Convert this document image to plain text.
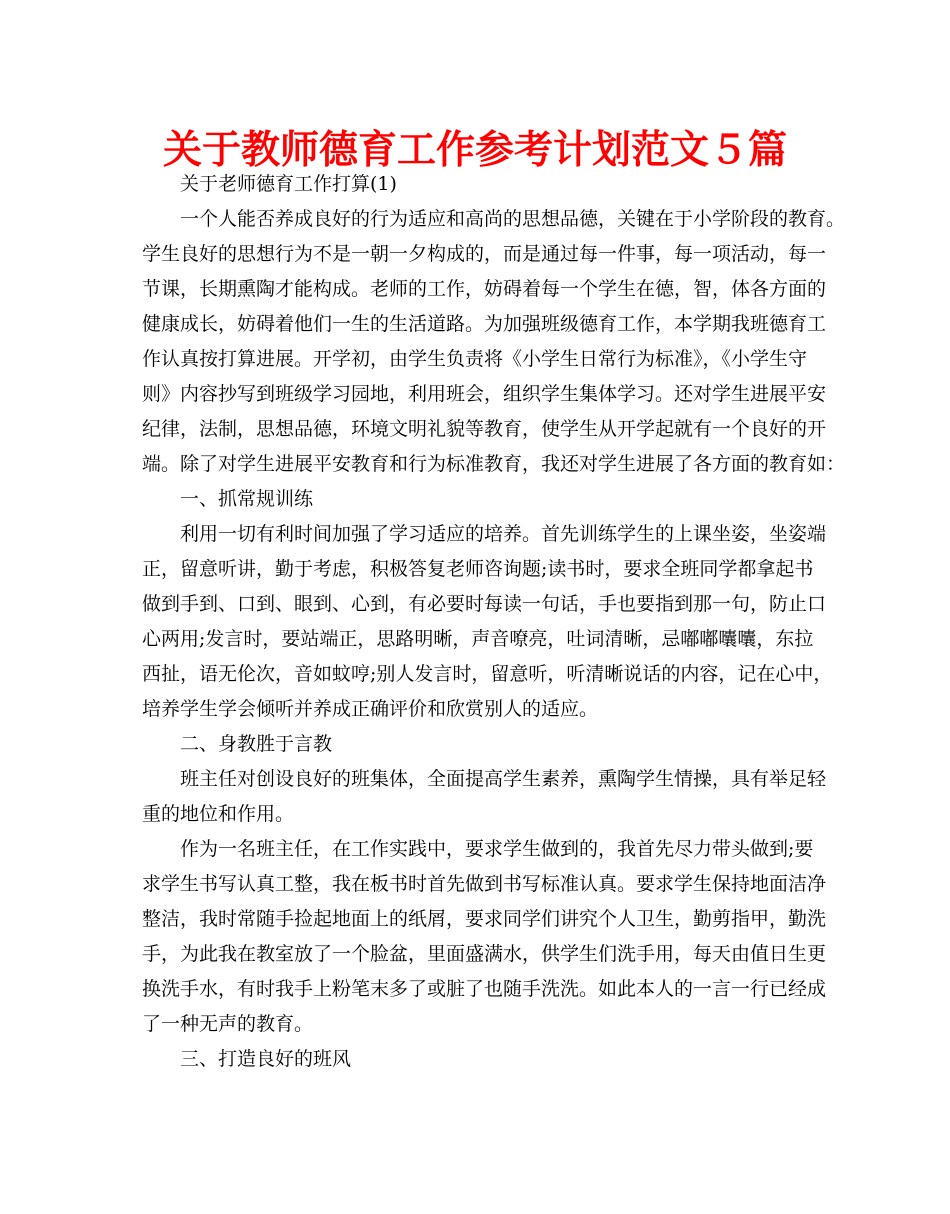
关于教师德育工作参考计划范文５篇

关于老师德育工作打算(1)

一个人能否养成良好的行为适应和高尚的思想品德，关键在于小学阶段的教育。

学生良好的思想行为不是一朝一夕构成的，而是通过每一件事，每一项活动，每一

节课，长期熏陶才能构成。老师的工作，妨碍着每一个学生在德，智，体各方面的

健康成长，妨碍着他们一生的生活道路。为加强班级德育工作，本学期我班德育工

作认真按打算进展。开学初，由学生负责将《小学生日常行为标准》，《小学生守

则》内容抄写到班级学习园地，利用班会，组织学生集体学习。还对学生进展平安

纪律，法制，思想品德，环境文明礼貌等教育，使学生从开学起就有一个良好的开

端。除了对学生进展平安教育和行为标准教育，我还对学生进展了各方面的教育如：

一、抓常规训练

利用一切有利时间加强了学习适应的培养。首先训练学生的上课坐姿，坐姿端

正，留意听讲，勤于考虑，积极答复老师咨询题;读书时，要求全班同学都拿起书

做到手到、口到、眼到、心到，有必要时每读一句话，手也要指到那一句，防止口

心两用;发言时，要站端正，思路明晰，声音嘹亮，吐词清晰，忌嘟嘟囔囔，东拉

西扯，语无伦次，音如蚊哼;别人发言时，留意听，听清晰说话的内容，记在心中，

培养学生学会倾听并养成正确评价和欣赏别人的适应。

二、身教胜于言教

班主任对创设良好的班集体，全面提高学生素养，熏陶学生情操，具有举足轻

重的地位和作用。

作为一名班主任，在工作实践中，要求学生做到的，我首先尽力带头做到;要

求学生书写认真工整，我在板书时首先做到书写标准认真。要求学生保持地面洁净

整洁，我时常随手捡起地面上的纸屑，要求同学们讲究个人卫生，勤剪指甲，勤洗

手，为此我在教室放了一个脸盆，里面盛满水，供学生们洗手用，每天由值日生更

换洗手水，有时我手上粉笔末多了或脏了也随手洗洗。如此本人的一言一行已经成

了一种无声的教育。

三、打造良好的班风
